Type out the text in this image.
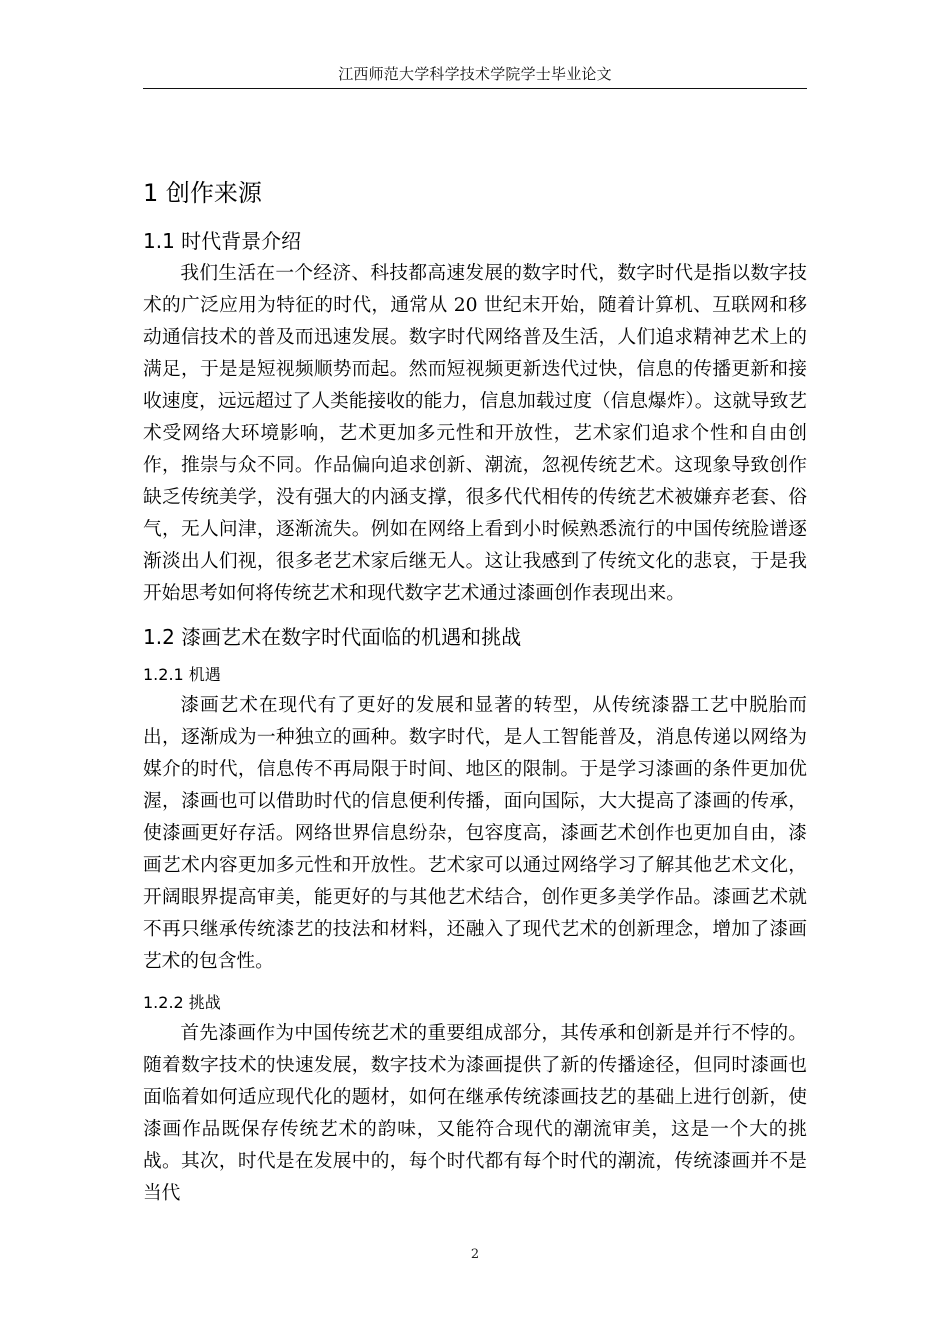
江西师范大学科学技术学院学士毕业论文
1 创作来源
1.1 时代背景介绍

我们生活在一个经济、科技都高速发展的数字时代，数字时代是指以数字技术的广泛应用为特征的时代，通常从 20 世纪末开始，随着计算机、互联网和移动通信技术的普及而迅速发展。数字时代网络普及生活，人们追求精神艺术上的满足，于是是短视频顺势而起。然而短视频更新迭代过快，信息的传播更新和接收速度，远远超过了人类能接收的能力，信息加载过度（信息爆炸）。这就导致艺术受网络大环境影响，艺术更加多元性和开放性，艺术家们追求个性和自由创作，推崇与众不同。作品偏向追求创新、潮流，忽视传统艺术。这现象导致创作缺乏传统美学，没有强大的内涵支撑，很多代代相传的传统艺术被嫌弃老套、俗气，无人问津，逐渐流失。例如在网络上看到小时候熟悉流行的中国传统脸谱逐渐淡出人们视，很多老艺术家后继无人。这让我感到了传统文化的悲哀，于是我开始思考如何将传统艺术和现代数字艺术通过漆画创作表现出来。

1.2 漆画艺术在数字时代面临的机遇和挑战
1.2.1 机遇

漆画艺术在现代有了更好的发展和显著的转型，从传统漆器工艺中脱胎而出，逐渐成为一种独立的画种。数字时代，是人工智能普及，消息传递以网络为媒介的时代，信息传不再局限于时间、地区的限制。于是学习漆画的条件更加优渥，漆画也可以借助时代的信息便利传播，面向国际，大大提高了漆画的传承，使漆画更好存活。网络世界信息纷杂，包容度高，漆画艺术创作也更加自由，漆画艺术内容更加多元性和开放性。艺术家可以通过网络学习了解其他艺术文化，开阔眼界提高审美，能更好的与其他艺术结合，创作更多美学作品。漆画艺术就不再只继承传统漆艺的技法和材料，还融入了现代艺术的创新理念，增加了漆画艺术的包含性。

1.2.2 挑战

首先漆画作为中国传统艺术的重要组成部分，其传承和创新是并行不悖的。随着数字技术的快速发展，数字技术为漆画提供了新的传播途径，但同时漆画也面临着如何适应现代化的题材，如何在继承传统漆画技艺的基础上进行创新，使漆画作品既保存传统艺术的韵味，又能符合现代的潮流审美，这是一个大的挑战。其次，时代是在发展中的，每个时代都有每个时代的潮流，传统漆画并不是当代

2
